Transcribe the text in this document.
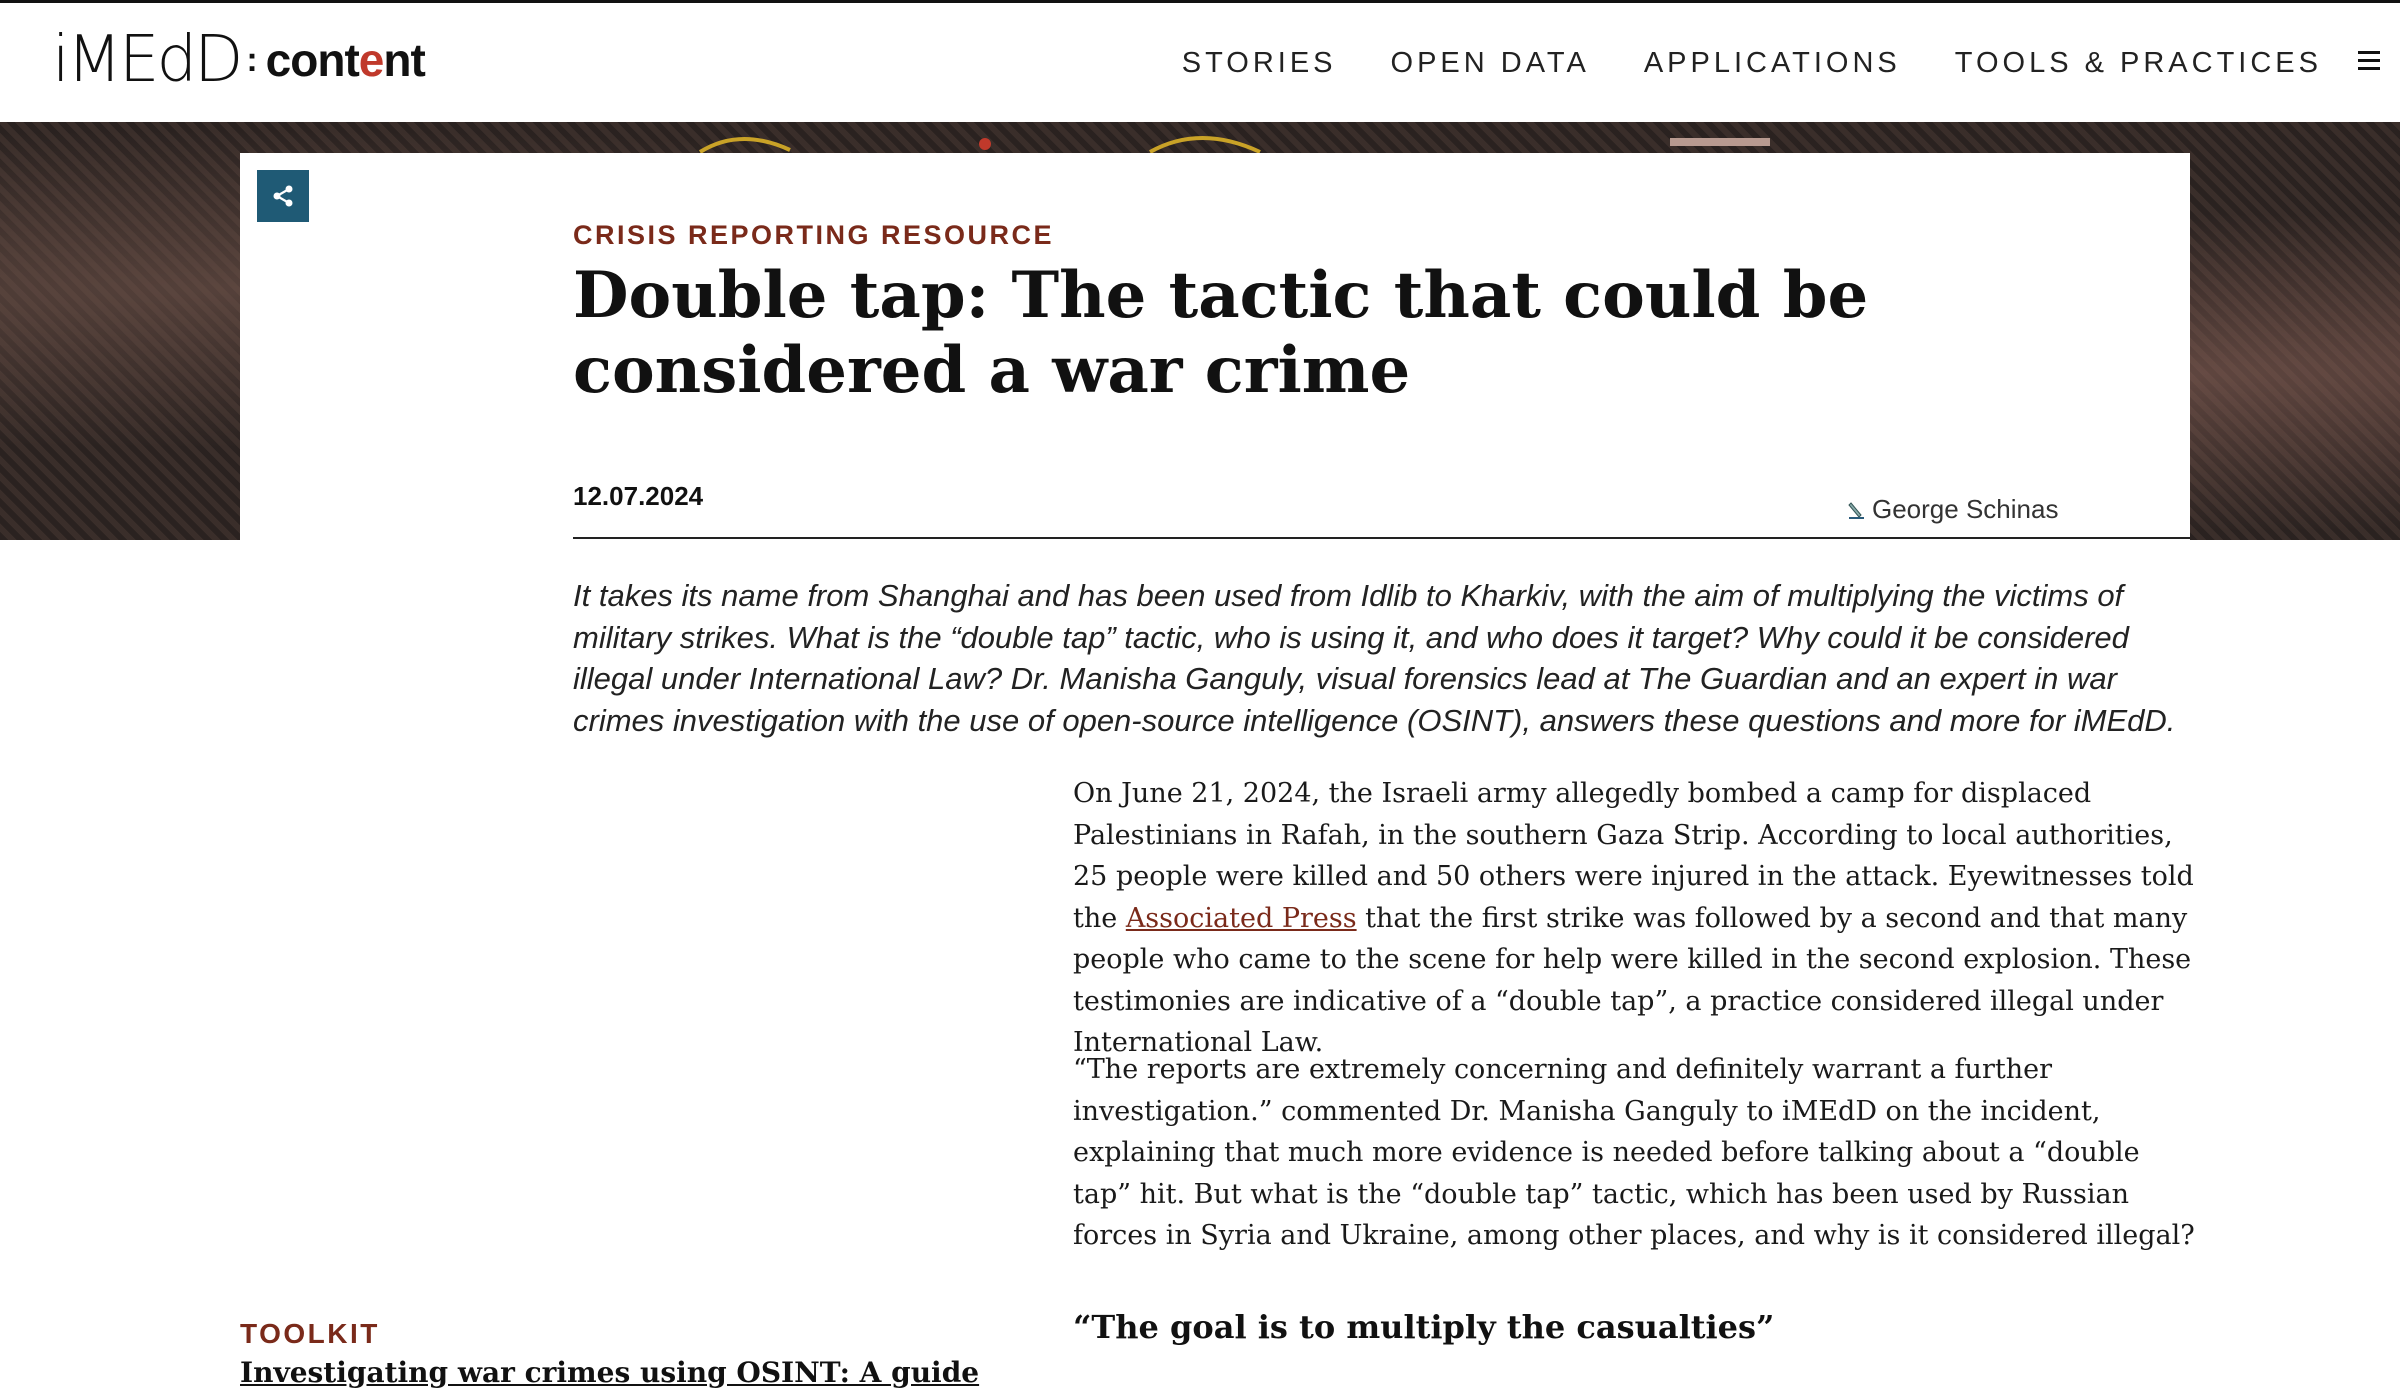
iMEdD : content	STORIES OPEN DATA APPLICATIONS TOOLS & PRACTICES
CRISIS REPORTING RESOURCE
Double tap: The tactic that could be considered a war crime
12.07.2024	George Schinas

It takes its name from Shanghai and has been used from Idlib to Kharkiv, with the aim of multiplying the victims of military strikes. What is the “double tap” tactic, who is using it, and who does it target? Why could it be considered illegal under International Law? Dr. Manisha Ganguly, visual forensics lead at The Guardian and an expert in war crimes investigation with the use of open-source intelligence (OSINT), answers these questions and more for iMEdD.

On June 21, 2024, the Israeli army allegedly bombed a camp for displaced Palestinians in Rafah, in the southern Gaza Strip. According to local authorities, 25 people were killed and 50 others were injured in the attack. Eyewitnesses told the Associated Press that the first strike was followed by a second and that many people who came to the scene for help were killed in the second explosion. These testimonies are indicative of a “double tap”, a practice considered illegal under International Law.

“The reports are extremely concerning and definitely warrant a further investigation.” commented Dr. Manisha Ganguly to iMEdD on the incident, explaining that much more evidence is needed before talking about a “double tap” hit. But what is the “double tap” tactic, which has been used by Russian forces in Syria and Ukraine, among other places, and why is it considered illegal?

“The goal is to multiply the casualties”
TOOLKIT
Investigating war crimes using OSINT: A guide
